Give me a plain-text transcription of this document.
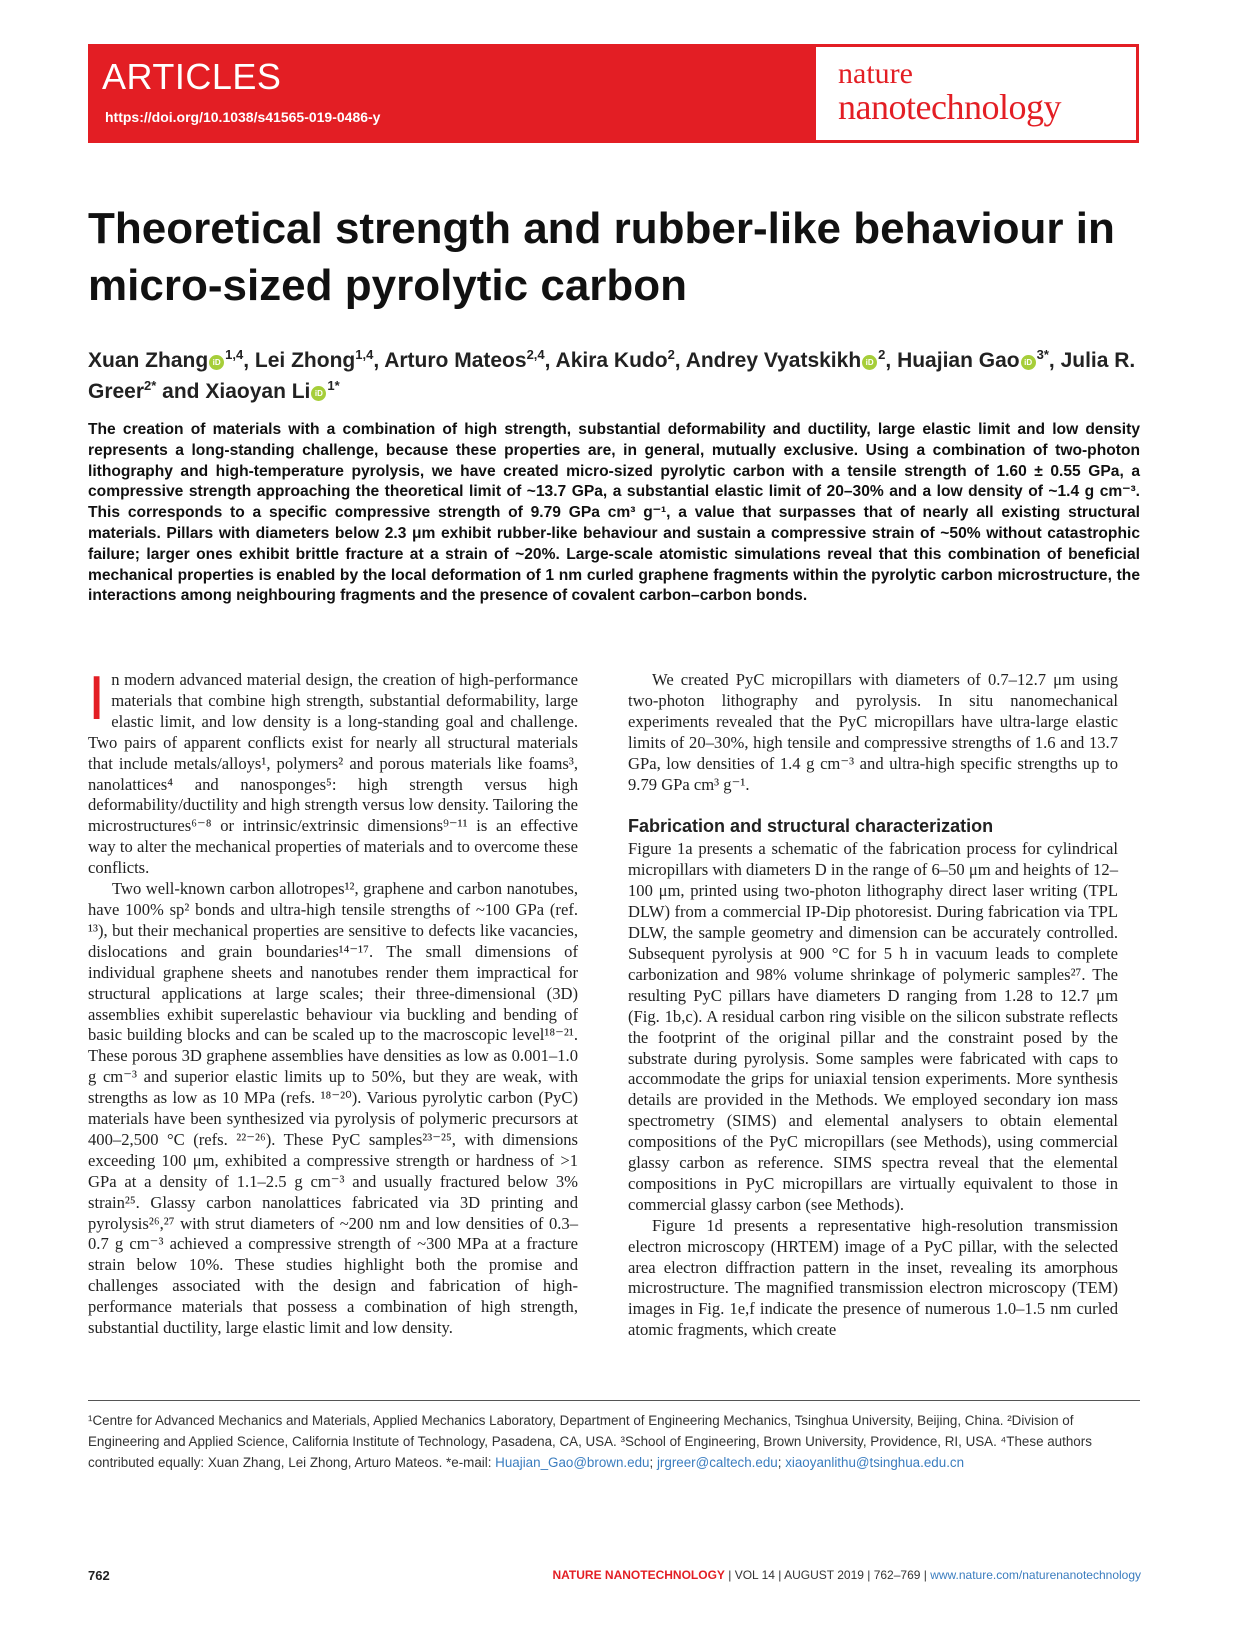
ARTICLES
https://doi.org/10.1038/s41565-019-0486-y
nature
nanotechnology
Theoretical strength and rubber-like behaviour in micro-sized pyrolytic carbon
Xuan Zhang iD$^{1,4}$, Lei Zhong$^{1,4}$, Arturo Mateos$^{2,4}$, Akira Kudo$^2$, Andrey Vyatskikh $iD^2$, Huajian Gao $iD^{3*}$, Julia R. Greer$^{2*}$ and Xiaoyan Li $iD^{1*}$
The creation of materials with a combination of high strength, substantial deformability and ductility, large elastic limit and low density represents a long-standing challenge, because these properties are, in general, mutually exclusive. Using a combination of two-photon lithography and high-temperature pyrolysis, we have created micro-sized pyrolytic carbon with a tensile strength of 1.60 ± 0.55 GPa, a compressive strength approaching the theoretical limit of ~13.7 GPa, a substantial elastic limit of 20–30% and a low density of ~1.4 g cm⁻³. This corresponds to a specific compressive strength of 9.79 GPa cm³ g⁻¹, a value that surpasses that of nearly all existing structural materials. Pillars with diameters below 2.3 μm exhibit rubber-like behaviour and sustain a compressive strain of ~50% without catastrophic failure; larger ones exhibit brittle fracture at a strain of ~20%. Large-scale atomistic simulations reveal that this combination of beneficial mechanical properties is enabled by the local deformation of 1 nm curled graphene fragments within the pyrolytic carbon microstructure, the interactions among neighbouring fragments and the presence of covalent carbon–carbon bonds.

In modern advanced material design, the creation of high-performance materials that combine high strength, substantial deformability, large elastic limit, and low density is a long-standing goal and challenge. Two pairs of apparent conflicts exist for nearly all structural materials that include metals/alloys¹, polymers² and porous materials like foams³, nanolattices⁴ and nanosponges⁵: high strength versus high deformability/ductility and high strength versus low density. Tailoring the microstructures⁶⁻⁸ or intrinsic/extrinsic dimensions⁹⁻¹¹ is an effective way to alter the mechanical properties of materials and to overcome these conflicts.

Two well-known carbon allotropes¹², graphene and carbon nanotubes, have 100% sp² bonds and ultra-high tensile strengths of ~100 GPa (ref. ¹³), but their mechanical properties are sensitive to defects like vacancies, dislocations and grain boundaries¹⁴⁻¹⁷. The small dimensions of individual graphene sheets and nanotubes render them impractical for structural applications at large scales; their three-dimensional (3D) assemblies exhibit superelastic behaviour via buckling and bending of basic building blocks and can be scaled up to the macroscopic level¹⁸⁻²¹. These porous 3D graphene assemblies have densities as low as 0.001–1.0 g cm⁻³ and superior elastic limits up to 50%, but they are weak, with strengths as low as 10 MPa (refs. ¹⁸⁻²⁰). Various pyrolytic carbon (PyC) materials have been synthesized via pyrolysis of polymeric precursors at 400–2,500 °C (refs. ²²⁻²⁶). These PyC samples²³⁻²⁵, with dimensions exceeding 100 μm, exhibited a compressive strength or hardness of >1 GPa at a density of 1.1–2.5 g cm⁻³ and usually fractured below 3% strain²⁵. Glassy carbon nanolattices fabricated via 3D printing and pyrolysis²⁶,²⁷ with strut diameters of ~200 nm and low densities of 0.3–0.7 g cm⁻³ achieved a compressive strength of ~300 MPa at a fracture strain below 10%. These studies highlight both the promise and challenges associated with the design and fabrication of high-performance materials that possess a combination of high strength, substantial ductility, large elastic limit and low density.

We created PyC micropillars with diameters of 0.7–12.7 μm using two-photon lithography and pyrolysis. In situ nanomechanical experiments revealed that the PyC micropillars have ultra-large elastic limits of 20–30%, high tensile and compressive strengths of 1.6 and 13.7 GPa, low densities of 1.4 g cm⁻³ and ultra-high specific strengths up to 9.79 GPa cm³ g⁻¹.

Fabrication and structural characterization

Figure 1a presents a schematic of the fabrication process for cylindrical micropillars with diameters D in the range of 6–50 μm and heights of 12–100 μm, printed using two-photon lithography direct laser writing (TPL DLW) from a commercial IP-Dip photoresist. During fabrication via TPL DLW, the sample geometry and dimension can be accurately controlled. Subsequent pyrolysis at 900 °C for 5 h in vacuum leads to complete carbonization and 98% volume shrinkage of polymeric samples²⁷. The resulting PyC pillars have diameters D ranging from 1.28 to 12.7 μm (Fig. 1b,c). A residual carbon ring visible on the silicon substrate reflects the footprint of the original pillar and the constraint posed by the substrate during pyrolysis. Some samples were fabricated with caps to accommodate the grips for uniaxial tension experiments. More synthesis details are provided in the Methods. We employed secondary ion mass spectrometry (SIMS) and elemental analysers to obtain elemental compositions of the PyC micropillars (see Methods), using commercial glassy carbon as reference. SIMS spectra reveal that the elemental compositions in PyC micropillars are virtually equivalent to those in commercial glassy carbon (see Methods).

Figure 1d presents a representative high-resolution transmission electron microscopy (HRTEM) image of a PyC pillar, with the selected area electron diffraction pattern in the inset, revealing its amorphous microstructure. The magnified transmission electron microscopy (TEM) images in Fig. 1e,f indicate the presence of numerous 1.0–1.5 nm curled atomic fragments, which create

¹Centre for Advanced Mechanics and Materials, Applied Mechanics Laboratory, Department of Engineering Mechanics, Tsinghua University, Beijing, China. ²Division of Engineering and Applied Science, California Institute of Technology, Pasadena, CA, USA. ³School of Engineering, Brown University, Providence, RI, USA. ⁴These authors contributed equally: Xuan Zhang, Lei Zhong, Arturo Mateos. *e-mail: Huajian_Gao@brown.edu; jrgreer@caltech.edu; xiaoyanlithu@tsinghua.edu.cn
762	NATURE NANOTECHNOLOGY | VOL 14 | AUGUST 2019 | 762–769 | www.nature.com/naturenanotechnology
